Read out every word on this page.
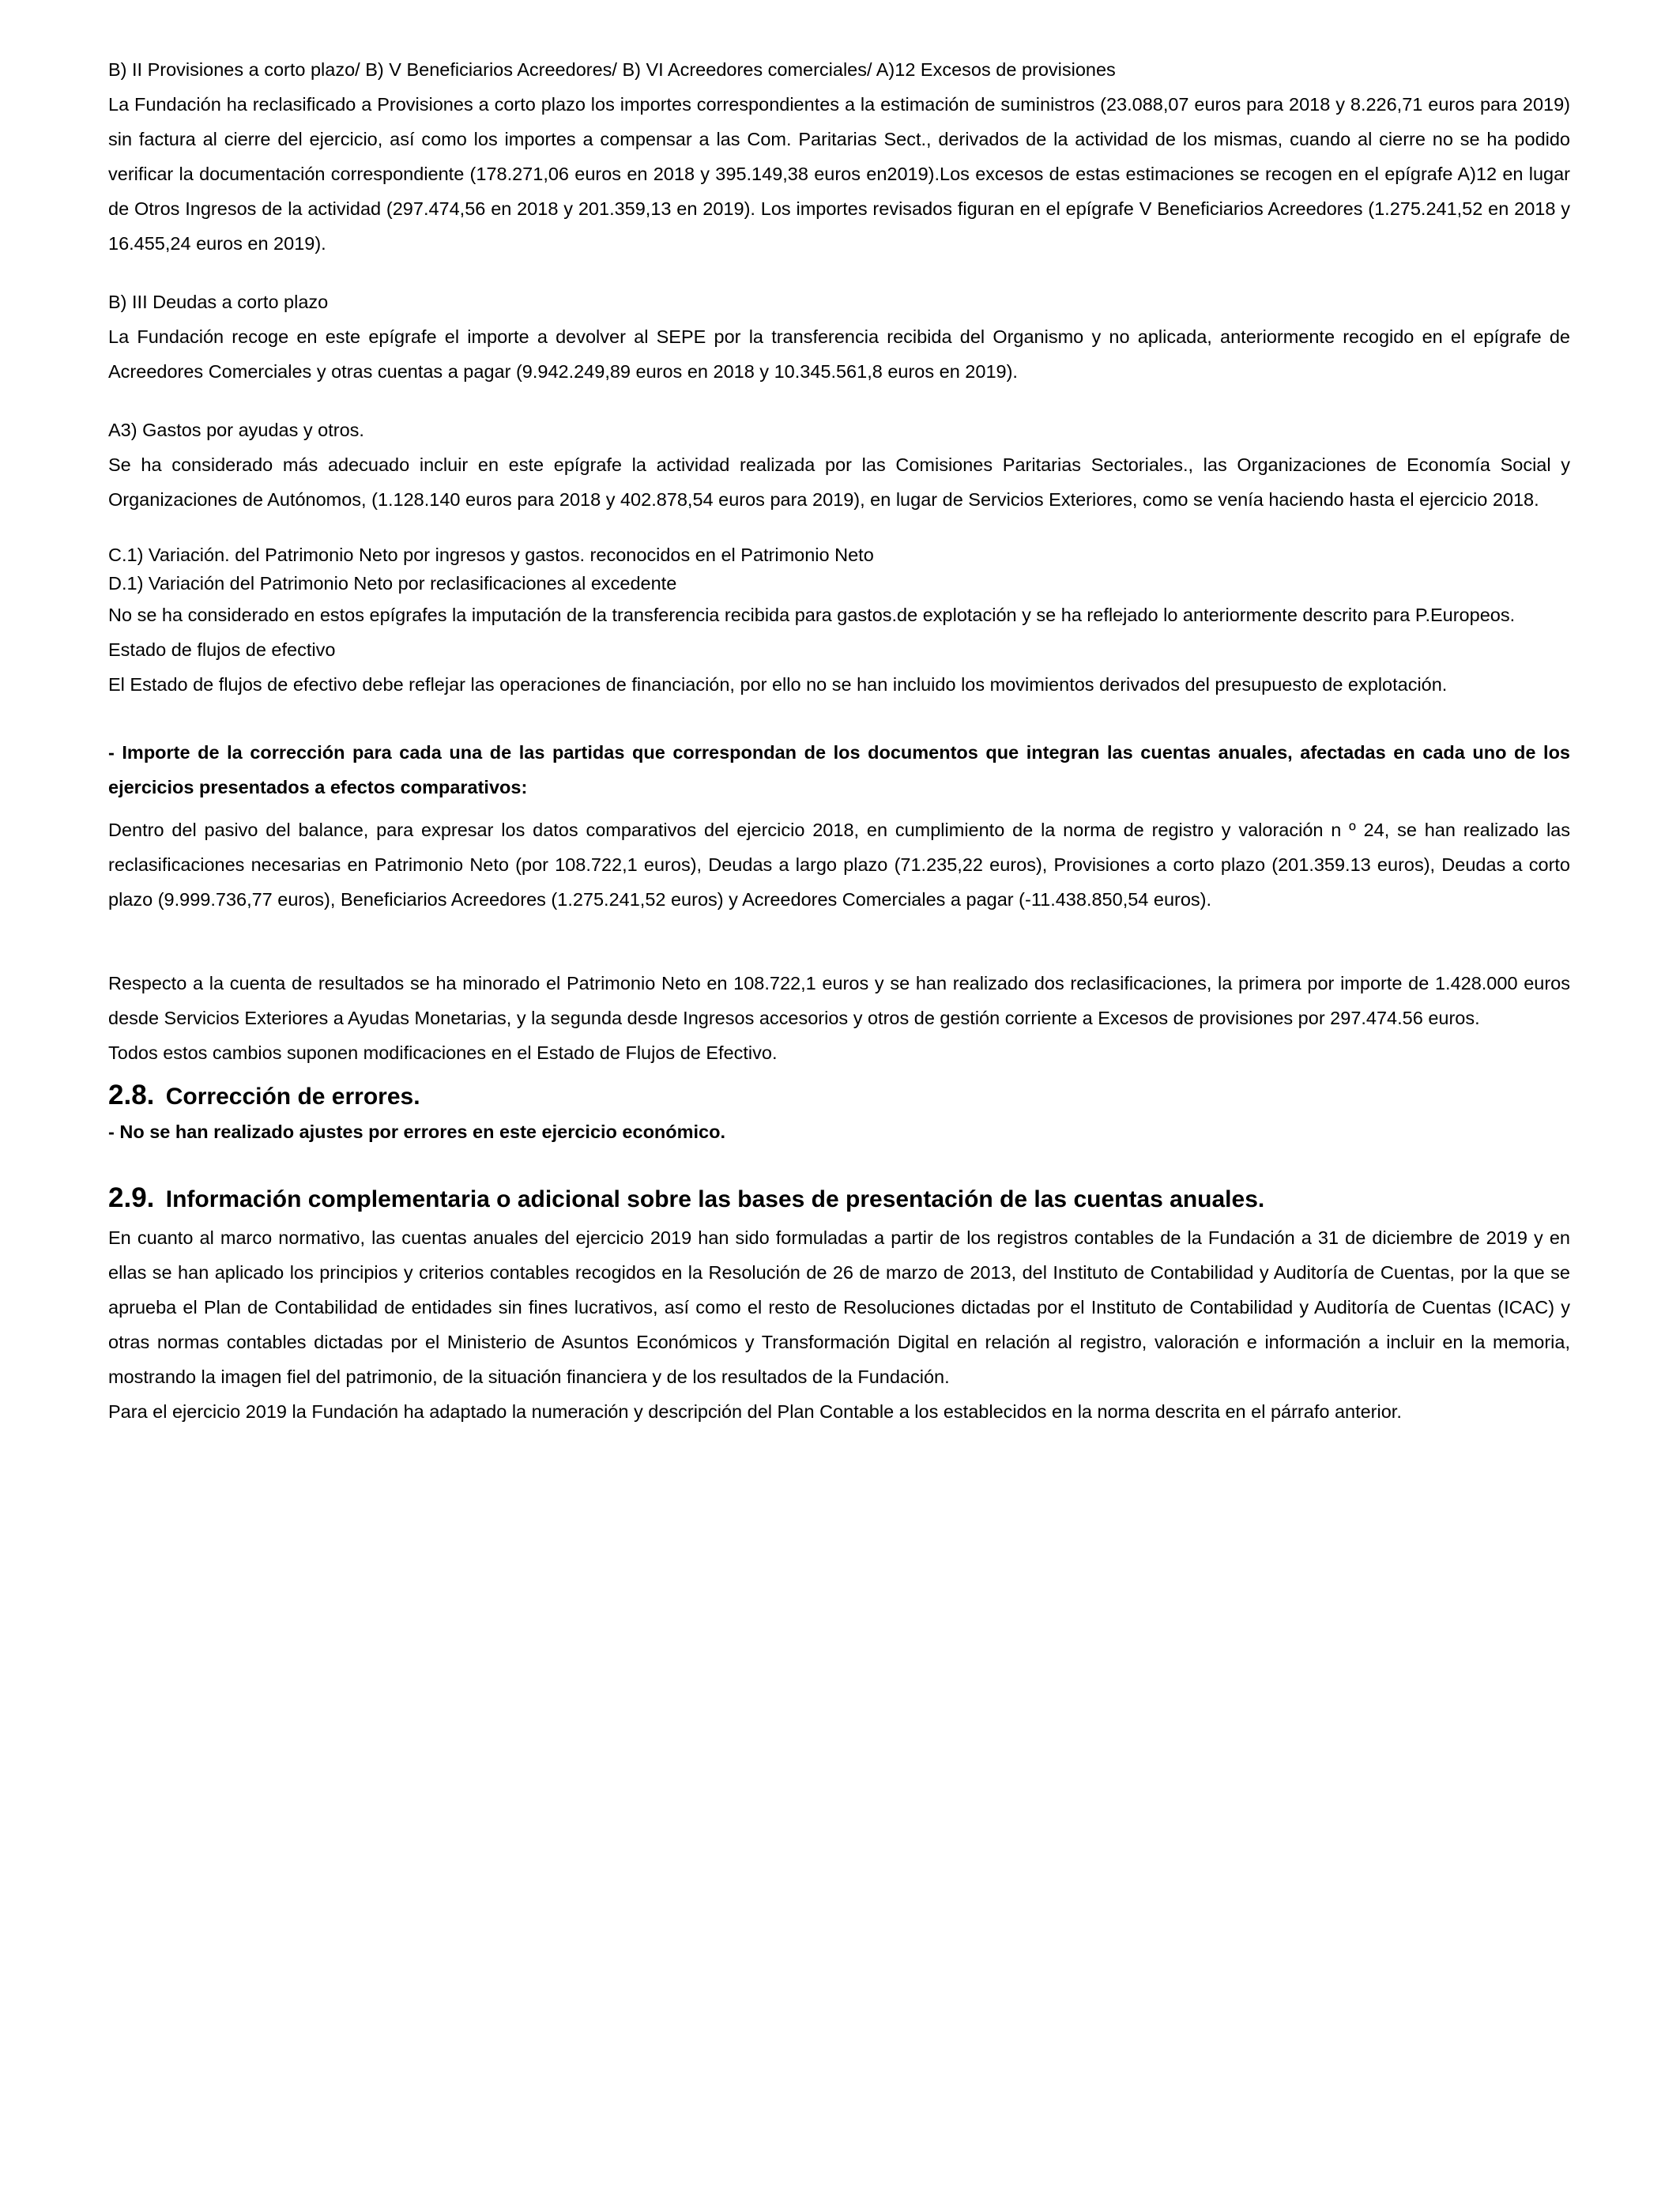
B) II Provisiones a corto plazo/ B) V Beneficiarios Acreedores/ B) VI Acreedores comerciales/ A)12 Excesos de provisiones

La Fundación ha reclasificado a Provisiones a corto plazo los importes correspondientes a la estimación de suministros (23.088,07 euros para 2018 y 8.226,71 euros para 2019) sin factura al cierre del ejercicio, así como los importes a compensar a las Com. Paritarias Sect., derivados de la actividad de los mismas, cuando al cierre no se ha podido verificar la documentación correspondiente (178.271,06 euros en 2018 y 395.149,38 euros en2019).Los excesos de estas estimaciones se recogen en el epígrafe A)12 en lugar de Otros Ingresos de la actividad (297.474,56 en 2018 y 201.359,13 en 2019). Los importes revisados figuran en el epígrafe V Beneficiarios Acreedores (1.275.241,52 en 2018 y 16.455,24 euros en 2019).

B) III Deudas a corto plazo

La Fundación recoge en este epígrafe el importe a devolver al SEPE por la transferencia recibida del Organismo y no aplicada, anteriormente recogido en el epígrafe de Acreedores Comerciales y otras cuentas a pagar (9.942.249,89 euros en 2018 y 10.345.561,8 euros en 2019).

A3) Gastos por ayudas y otros.

Se ha considerado más adecuado incluir en este epígrafe la actividad realizada por las Comisiones Paritarias Sectoriales., las Organizaciones de Economía Social y Organizaciones de Autónomos, (1.128.140 euros para 2018 y 402.878,54 euros para 2019), en lugar de Servicios Exteriores, como se venía haciendo hasta el ejercicio 2018.

C.1) Variación. del Patrimonio Neto por ingresos y gastos. reconocidos en el Patrimonio Neto

D.1) Variación del Patrimonio Neto por reclasificaciones al excedente

No se ha considerado en estos epígrafes la imputación de la transferencia recibida para gastos.de explotación y se ha reflejado lo anteriormente descrito para P.Europeos.

Estado de flujos de efectivo

El Estado de flujos de efectivo debe reflejar las operaciones de financiación, por ello no se han incluido los movimientos derivados del presupuesto de explotación.

- Importe de la corrección para cada una de las partidas que correspondan de los documentos que integran las cuentas anuales, afectadas en cada uno de los ejercicios presentados a efectos comparativos:

Dentro del pasivo del balance, para expresar los datos comparativos del ejercicio 2018, en cumplimiento de la norma de registro y valoración n º 24, se han realizado las reclasificaciones necesarias en Patrimonio Neto (por 108.722,1 euros), Deudas a largo plazo (71.235,22 euros), Provisiones a corto plazo (201.359.13 euros), Deudas a corto plazo (9.999.736,77 euros), Beneficiarios Acreedores (1.275.241,52 euros) y Acreedores Comerciales a pagar (-11.438.850,54 euros).

Respecto a la cuenta de resultados se ha minorado el Patrimonio Neto en 108.722,1 euros y se han realizado dos reclasificaciones, la primera por importe de 1.428.000 euros desde Servicios Exteriores a Ayudas Monetarias, y la segunda desde Ingresos accesorios y otros de gestión corriente a Excesos de provisiones por 297.474.56 euros.

Todos estos cambios suponen modificaciones en el Estado de Flujos de Efectivo.

2.8. Corrección de errores.

- No se han realizado ajustes por errores en este ejercicio económico.

2.9. Información complementaria o adicional sobre las bases de presentación de las cuentas anuales.

En cuanto al marco normativo, las cuentas anuales del ejercicio 2019 han sido formuladas a partir de los registros contables de la Fundación a 31 de diciembre de 2019 y en ellas se han aplicado los principios y criterios contables recogidos en la Resolución de 26 de marzo de 2013, del Instituto de Contabilidad y Auditoría de Cuentas, por la que se aprueba el Plan de Contabilidad de entidades sin fines lucrativos, así como el resto de Resoluciones dictadas por el Instituto de Contabilidad y Auditoría de Cuentas (ICAC) y otras normas contables dictadas por el Ministerio de Asuntos Económicos y Transformación Digital en relación al registro, valoración e información a incluir en la memoria, mostrando la imagen fiel del patrimonio, de la situación financiera y de los resultados de la Fundación.

Para el ejercicio 2019 la Fundación ha adaptado la numeración y descripción del Plan Contable a los establecidos en la norma descrita en el párrafo anterior.
